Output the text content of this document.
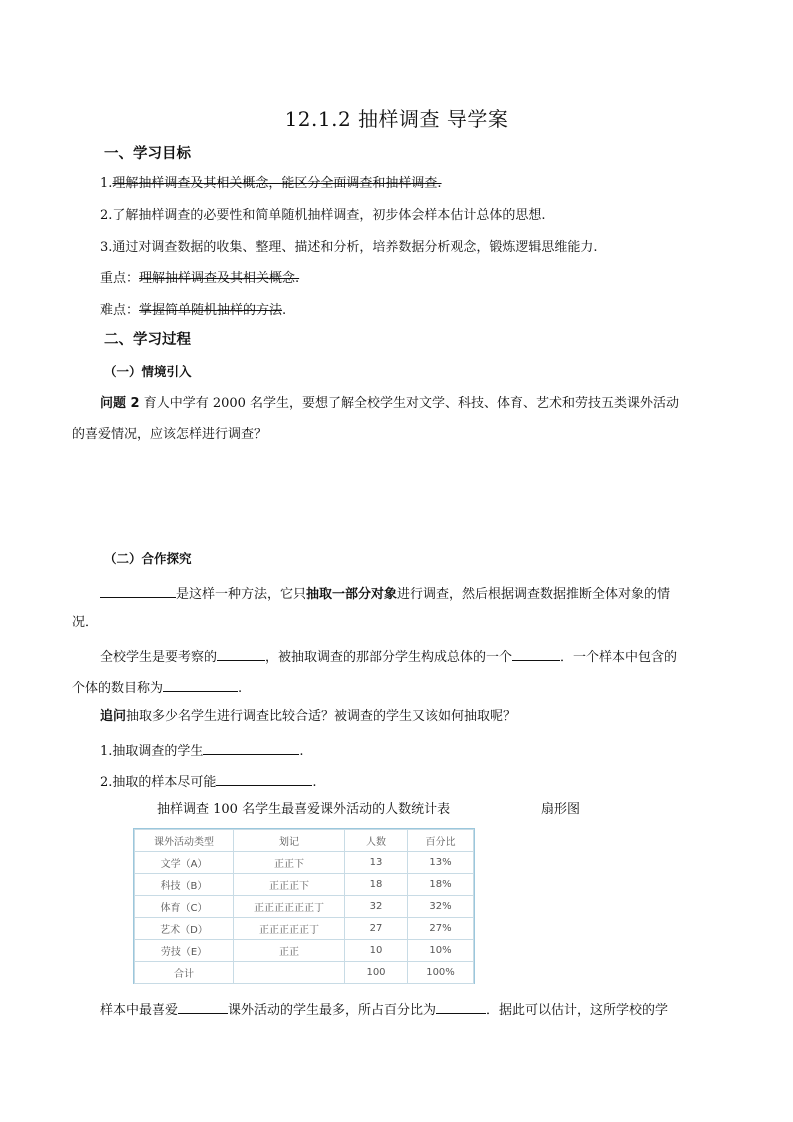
12.1.2 抽样调查 导学案
一、学习目标
1.理解抽样调查及其相关概念，能区分全面调查和抽样调查.
2.了解抽样调查的必要性和简单随机抽样调查，初步体会样本估计总体的思想.
3.通过对调查数据的收集、整理、描述和分析，培养数据分析观念，锻炼逻辑思维能力.
重点：理解抽样调查及其相关概念.
难点：掌握简单随机抽样的方法.
二、学习过程
（一）情境引入
问题 2 育人中学有 2000 名学生，要想了解全校学生对文学、科技、体育、艺术和劳技五类课外活动
的喜爱情况，应该怎样进行调查？
（二）合作探究
是这样一种方法，它只抽取一部分对象进行调查，然后根据调查数据推断全体对象的情
况．
全校学生是要考察的	，被抽取调查的那部分学生构成总体的一个	．一个样本中包含的
个体的数目称为	.
追问抽取多少名学生进行调查比较合适？被调查的学生又该如何抽取呢？
1.抽取调查的学生	.
2.抽取的样本尽可能	.
抽样调查 100 名学生最喜爱课外活动的人数统计表	扇形图
课外活动类型	划记	人数	百分比
文学（A）	正正下	13	13%
科技（B）	正正正下	18	18%
体育（C）	正正正正正正丁	32	32%
艺术（D）	正正正正正丁	27	27%
劳技（E）	正正	10	10%
合计		100	100%
样本中最喜爱	课外活动的学生最多，所占百分比为	．据此可以估计，这所学校的学
